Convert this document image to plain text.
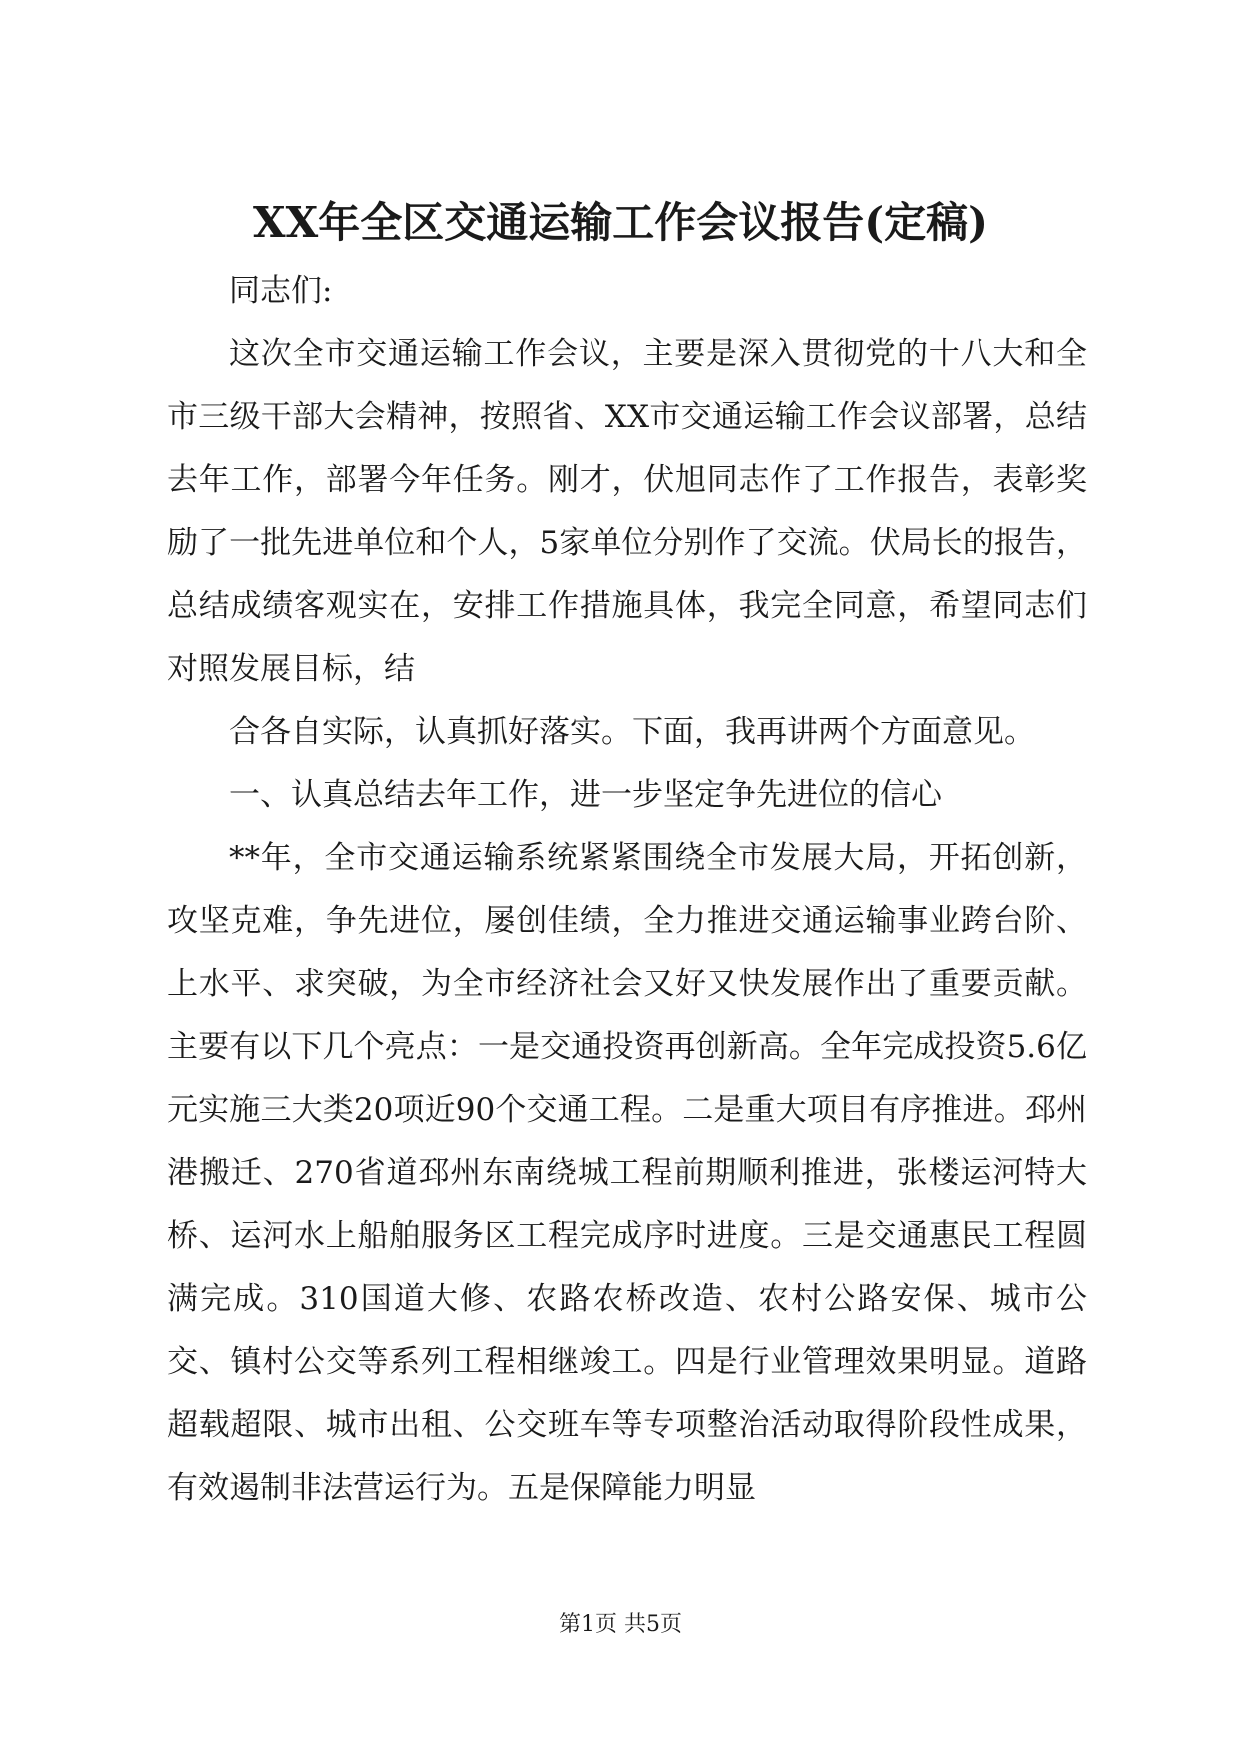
XX年全区交通运输工作会议报告(定稿)

同志们:

这次全市交通运输工作会议，主要是深入贯彻党的十八大和全市三级干部大会精神，按照省、XX市交通运输工作会议部署，总结去年工作，部署今年任务。刚才，伏旭同志作了工作报告，表彰奖励了一批先进单位和个人，5家单位分别作了交流。伏局长的报告，总结成绩客观实在，安排工作措施具体，我完全同意，希望同志们对照发展目标，结

合各自实际，认真抓好落实。下面，我再讲两个方面意见。

一、认真总结去年工作，进一步坚定争先进位的信心

**年，全市交通运输系统紧紧围绕全市发展大局，开拓创新，攻坚克难，争先进位，屡创佳绩，全力推进交通运输事业跨台阶、上水平、求突破，为全市经济社会又好又快发展作出了重要贡献。主要有以下几个亮点：一是交通投资再创新高。全年完成投资5.6亿元实施三大类20项近90个交通工程。二是重大项目有序推进。邳州港搬迁、270省道邳州东南绕城工程前期顺利推进，张楼运河特大桥、运河水上船舶服务区工程完成序时进度。三是交通惠民工程圆满完成。310国道大修、农路农桥改造、农村公路安保、城市公交、镇村公交等系列工程相继竣工。四是行业管理效果明显。道路超载超限、城市出租、公交班车等专项整治活动取得阶段性成果，有效遏制非法营运行为。五是保障能力明显

第1页 共5页
